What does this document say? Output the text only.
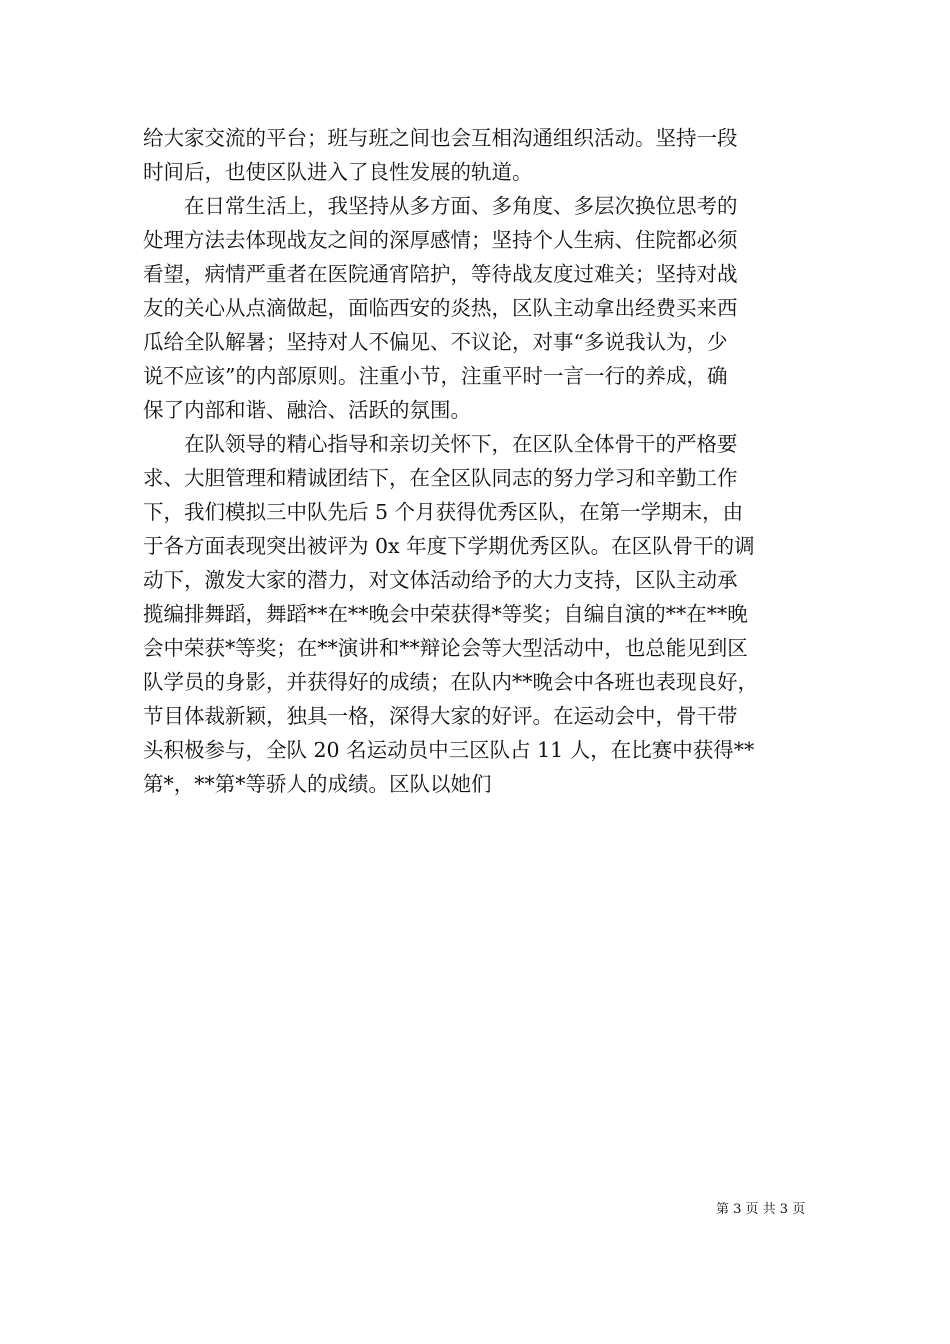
给大家交流的平台；班与班之间也会互相沟通组织活动。坚持一段
时间后，也使区队进入了良性发展的轨道。
　　在日常生活上，我坚持从多方面、多角度、多层次换位思考的
处理方法去体现战友之间的深厚感情；坚持个人生病、住院都必须
看望，病情严重者在医院通宵陪护，等待战友度过难关；坚持对战
友的关心从点滴做起，面临西安的炎热，区队主动拿出经费买来西
瓜给全队解暑；坚持对人不偏见、不议论，对事“多说我认为，少
说不应该”的内部原则。注重小节，注重平时一言一行的养成，确
保了内部和谐、融洽、活跃的氛围。
　　在队领导的精心指导和亲切关怀下，在区队全体骨干的严格要
求、大胆管理和精诚团结下，在全区队同志的努力学习和辛勤工作
下，我们模拟三中队先后 5 个月获得优秀区队，在第一学期末，由
于各方面表现突出被评为 0x 年度下学期优秀区队。在区队骨干的调
动下，激发大家的潜力，对文体活动给予的大力支持，区队主动承
揽编排舞蹈，舞蹈**在**晚会中荣获得*等奖；自编自演的**在**晚
会中荣获*等奖；在**演讲和**辩论会等大型活动中，也总能见到区
队学员的身影，并获得好的成绩；在队内**晚会中各班也表现良好，
节目体裁新颖，独具一格，深得大家的好评。在运动会中，骨干带
头积极参与，全队 20 名运动员中三区队占 11 人，在比赛中获得**
第*，**第*等骄人的成绩。区队以她们
第 3 页 共 3 页
